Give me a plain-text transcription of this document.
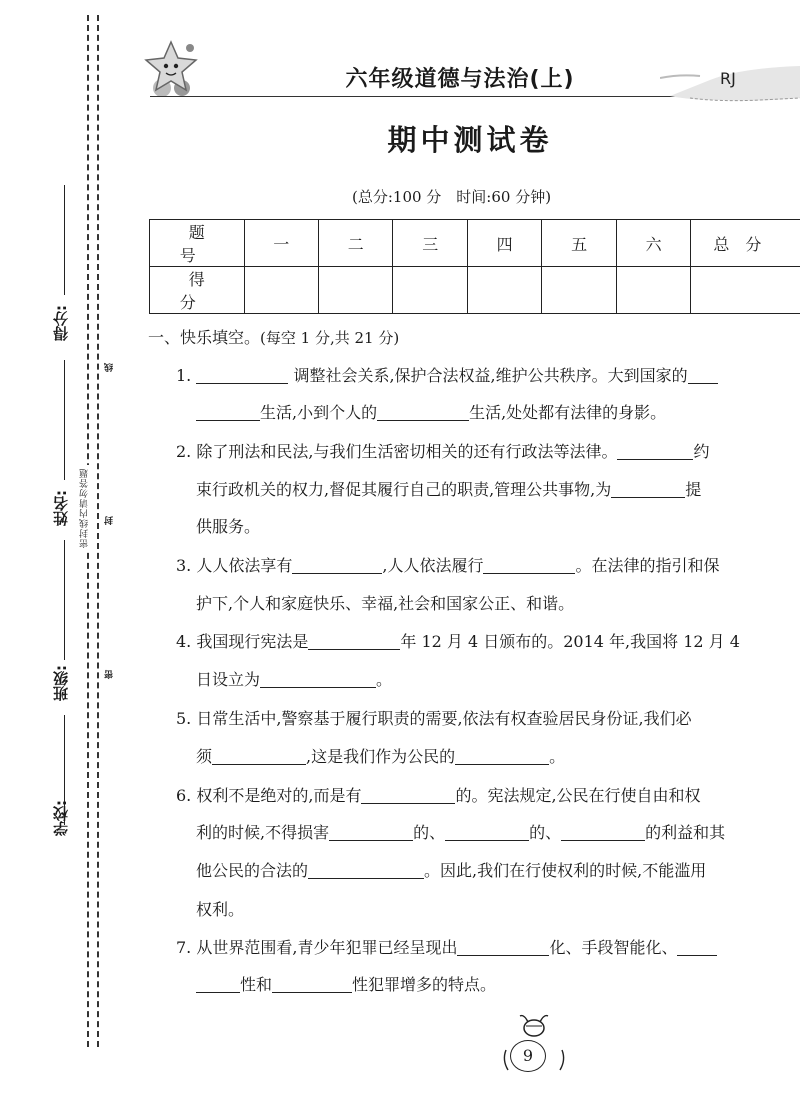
得分:
姓名:
班级:
学校:
密封线内请勿答题
线
封
密
六年级道德与法治(上)	RJ
期中测试卷
(总分:100 分　时间:60 分钟)
题　号	一	二	三	四	五	六	总　分
得　分							
一、快乐填空。(每空 1 分,共 21 分)
1.	调整社会关系,保护合法权益,维护公共秩序。大到国家的
生活,小到个人的	生活,处处都有法律的身影。
2. 除了刑法和民法,与我们生活密切相关的还有行政法等法律。	约
束行政机关的权力,督促其履行自己的职责,管理公共事物,为	提
供服务。
3. 人人依法享有	,人人依法履行	。在法律的指引和保
护下,个人和家庭快乐、幸福,社会和国家公正、和谐。
4. 我国现行宪法是	年 12 月 4 日颁布的。2014 年,我国将 12 月 4
日设立为	。
5. 日常生活中,警察基于履行职责的需要,依法有权查验居民身份证,我们必
须	,这是我们作为公民的	。
6. 权利不是绝对的,而是有	的。宪法规定,公民在行使自由和权
利的时候,不得损害	的、	的、	的利益和其
他公民的合法的	。因此,我们在行使权利的时候,不能滥用
权利。
7. 从世界范围看,青少年犯罪已经呈现出	化、手段智能化、
性和	性犯罪增多的特点。
9
